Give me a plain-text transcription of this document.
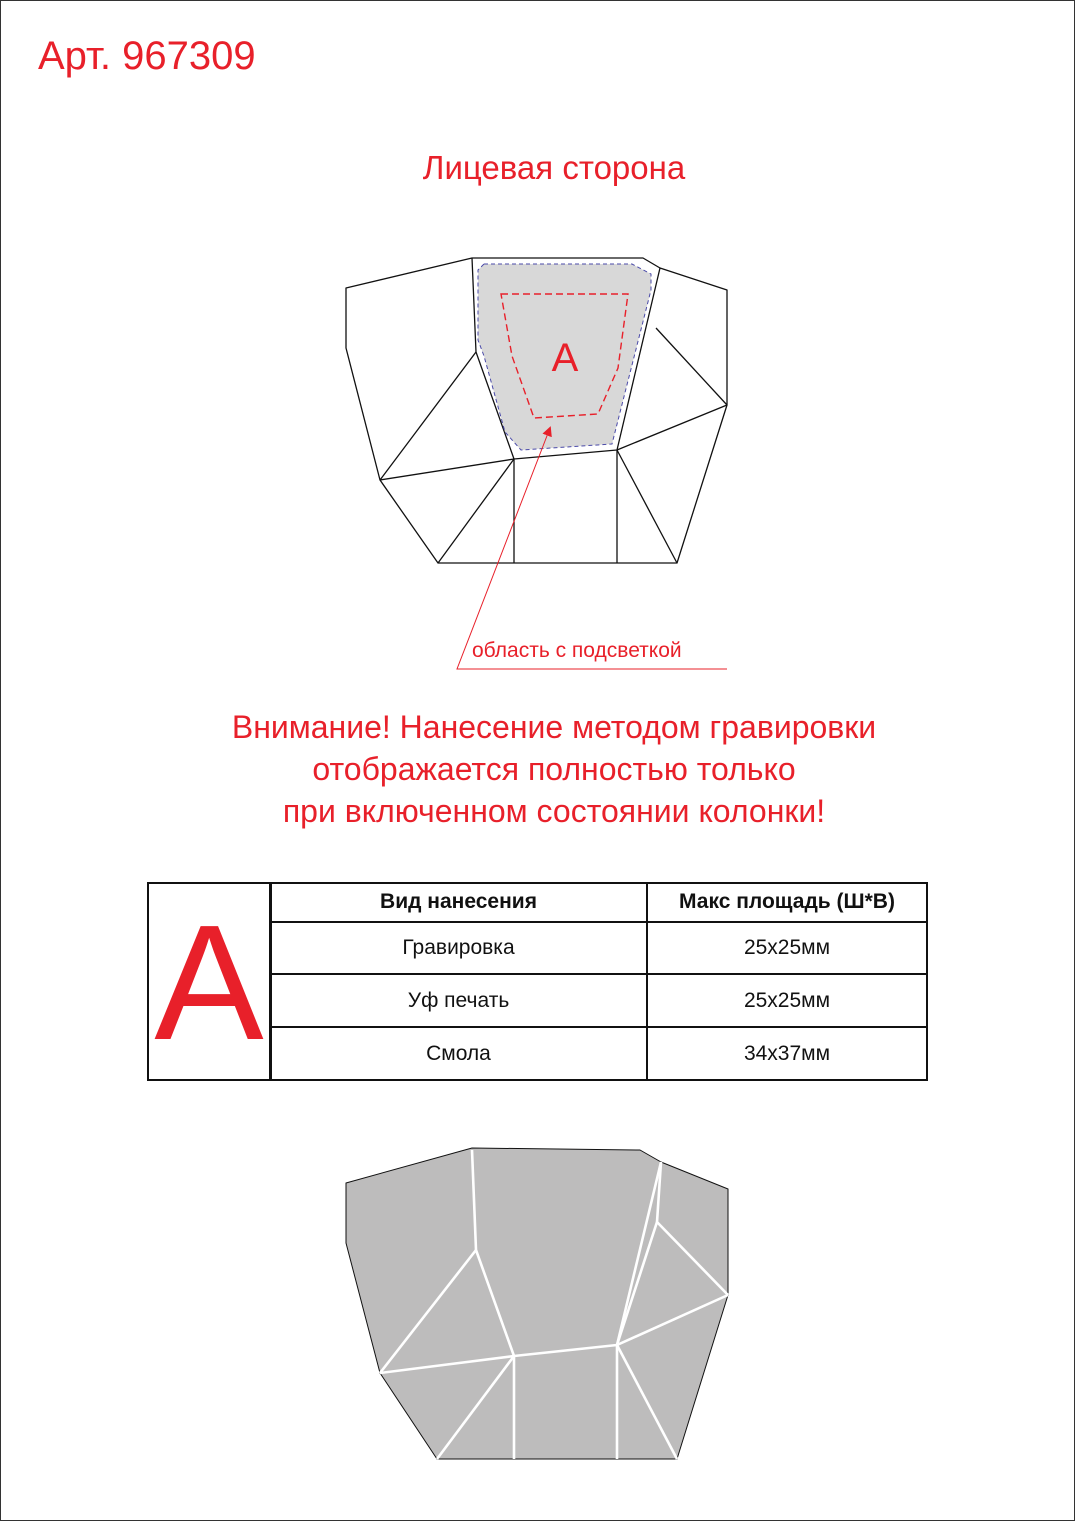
Арт. 967309
Лицевая сторона
A
область с подсветкой
Внимание! Нанесение методом гравировки
отображается полностью только
при включенном состоянии колонки!
A	Вид нанесения	Макс площадь (Ш*В)
Гравировка	25x25мм
Уф печать	25x25мм
Смола	34x37мм
